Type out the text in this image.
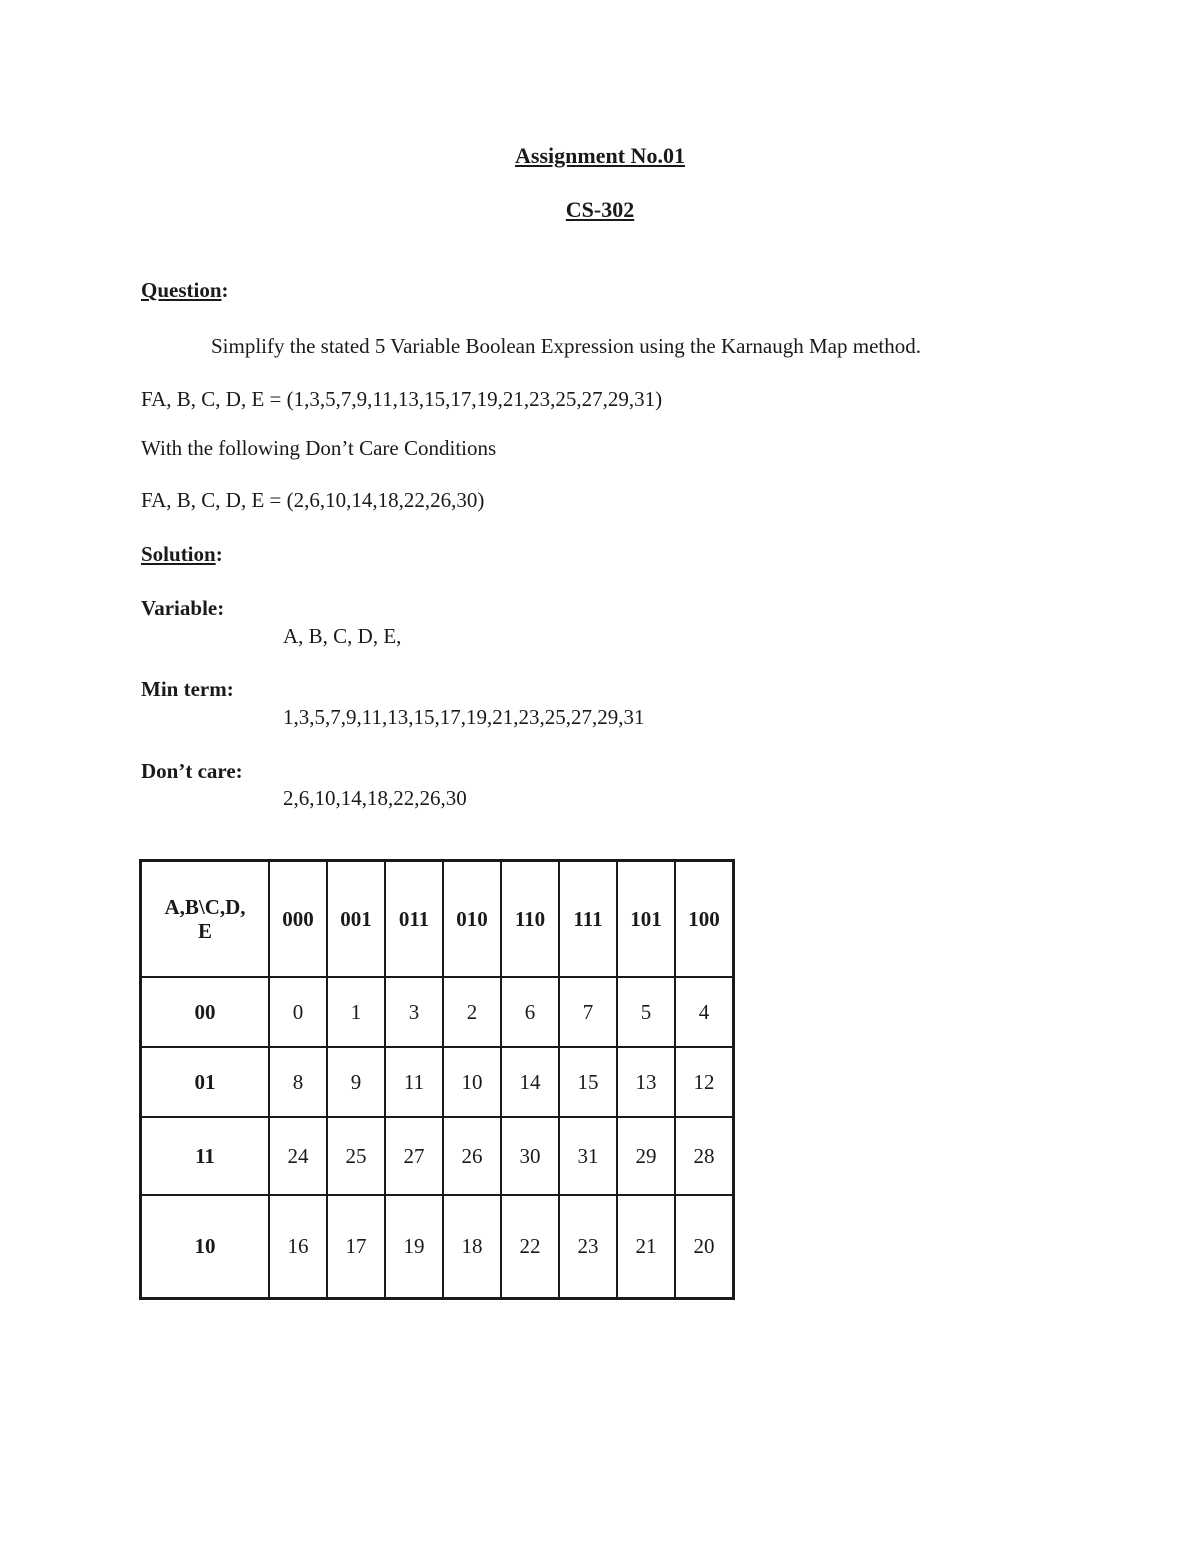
Assignment No.01
CS-302
Question:
Simplify the stated 5 Variable Boolean Expression using the Karnaugh Map method.
FA, B, C, D, E = (1,3,5,7,9,11,13,15,17,19,21,23,25,27,29,31)
With the following Don’t Care Conditions
FA, B, C, D, E = (2,6,10,14,18,22,26,30)
Solution:
Variable:
A, B, C, D, E,
Min term:
1,3,5,7,9,11,13,15,17,19,21,23,25,27,29,31
Don’t care:
2,6,10,14,18,22,26,30
A,B\C,D,
E	000	001	011	010	110	111	101	100
00	0	1	3	2	6	7	5	4
01	8	9	11	10	14	15	13	12
11	24	25	27	26	30	31	29	28
10	16	17	19	18	22	23	21	20
